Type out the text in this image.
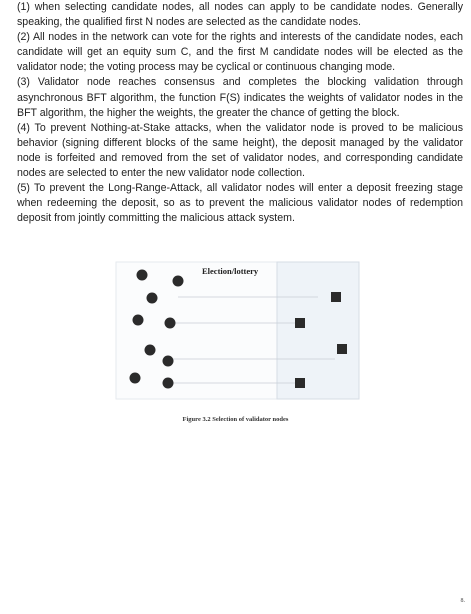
(1) when selecting candidate nodes, all nodes can apply to be candidate nodes. Generally speaking, the qualified first N nodes are selected as the candidate nodes.

(2) All nodes in the network can vote for the rights and interests of the candidate nodes, each candidate will get an equity sum C, and the first M candidate nodes will be elected as the validator node; the voting process may be cyclical or continuous changing mode.

(3) Validator node reaches consensus and completes the blocking validation through asynchronous BFT algorithm, the function F(S) indicates the weights of validator nodes in the BFT algorithm, the higher the weights, the greater the chance of getting the block.

(4) To prevent Nothing-at-Stake attacks, when the validator node is proved to be malicious behavior (signing different blocks of the same height), the deposit managed by the validator node is forfeited and removed from the set of validator nodes, and corresponding candidate nodes are selected to enter the new validator node collection.

(5) To prevent the Long-Range-Attack, all validator nodes will enter a deposit freezing stage when redeeming the deposit, so as to prevent the malicious validator nodes of redemption deposit from jointly committing the malicious attack system.

Election/lottery
Figure 3.2 Selection of validator nodes
8.
